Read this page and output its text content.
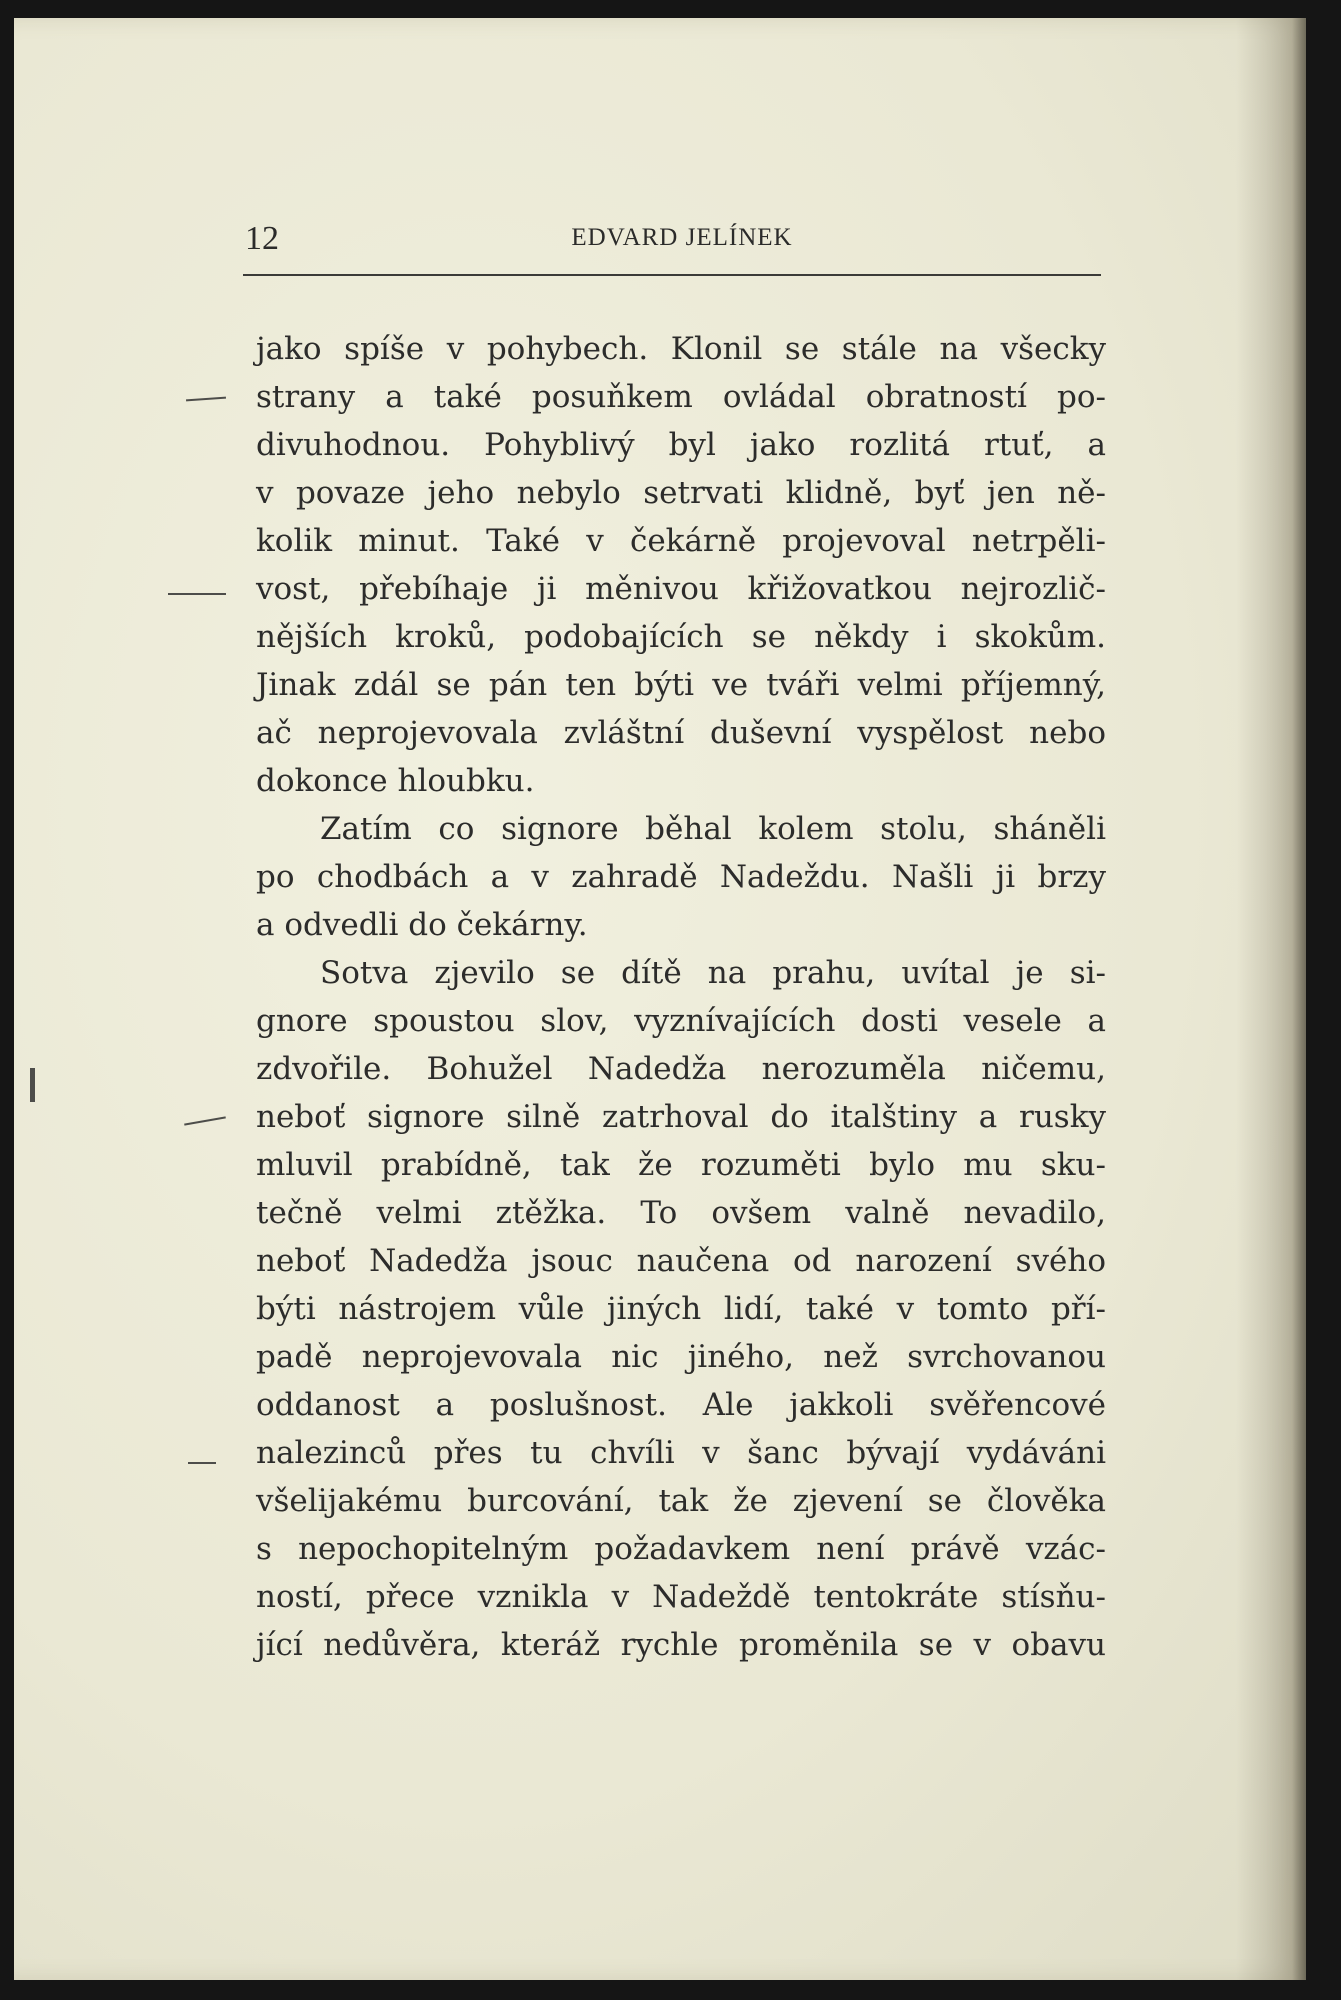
12	EDVARD JELÍNEK
jako spíše v pohybech. Klonil se stále na všecky
strany a také posuňkem ovládal obratností po-
divuhodnou. Pohyblivý byl jako rozlitá rtuť, a
v povaze jeho nebylo setrvati klidně, byť jen ně-
kolik minut. Také v čekárně projevoval netrpěli-
vost, přebíhaje ji měnivou křižovatkou nejrozlič-
nějších kroků, podobajících se někdy i skokům.
Jinak zdál se pán ten býti ve tváři velmi příjemný,
ač neprojevovala zvláštní duševní vyspělost nebo
dokonce hloubku.
Zatím co signore běhal kolem stolu, sháněli
po chodbách a v zahradě Nadeždu. Našli ji brzy
a odvedli do čekárny.
Sotva zjevilo se dítě na prahu, uvítal je si-
gnore spoustou slov, vyznívajících dosti vesele a
zdvořile. Bohužel Nadedža nerozuměla ničemu,
neboť signore silně zatrhoval do italštiny a rusky
mluvil prabídně, tak že rozuměti bylo mu sku-
tečně velmi ztěžka. To ovšem valně nevadilo,
neboť Nadedža jsouc naučena od narození svého
býti nástrojem vůle jiných lidí, také v tomto pří-
padě neprojevovala nic jiného, než svrchovanou
oddanost a poslušnost. Ale jakkoli svěřencové
nalezinců přes tu chvíli v šanc bývají vydáváni
všelijakému burcování, tak že zjevení se člověka
s nepochopitelným požadavkem není právě vzác-
ností, přece vznikla v Nadeždě tentokráte stísňu-
jící nedůvěra, kteráž rychle proměnila se v obavu
